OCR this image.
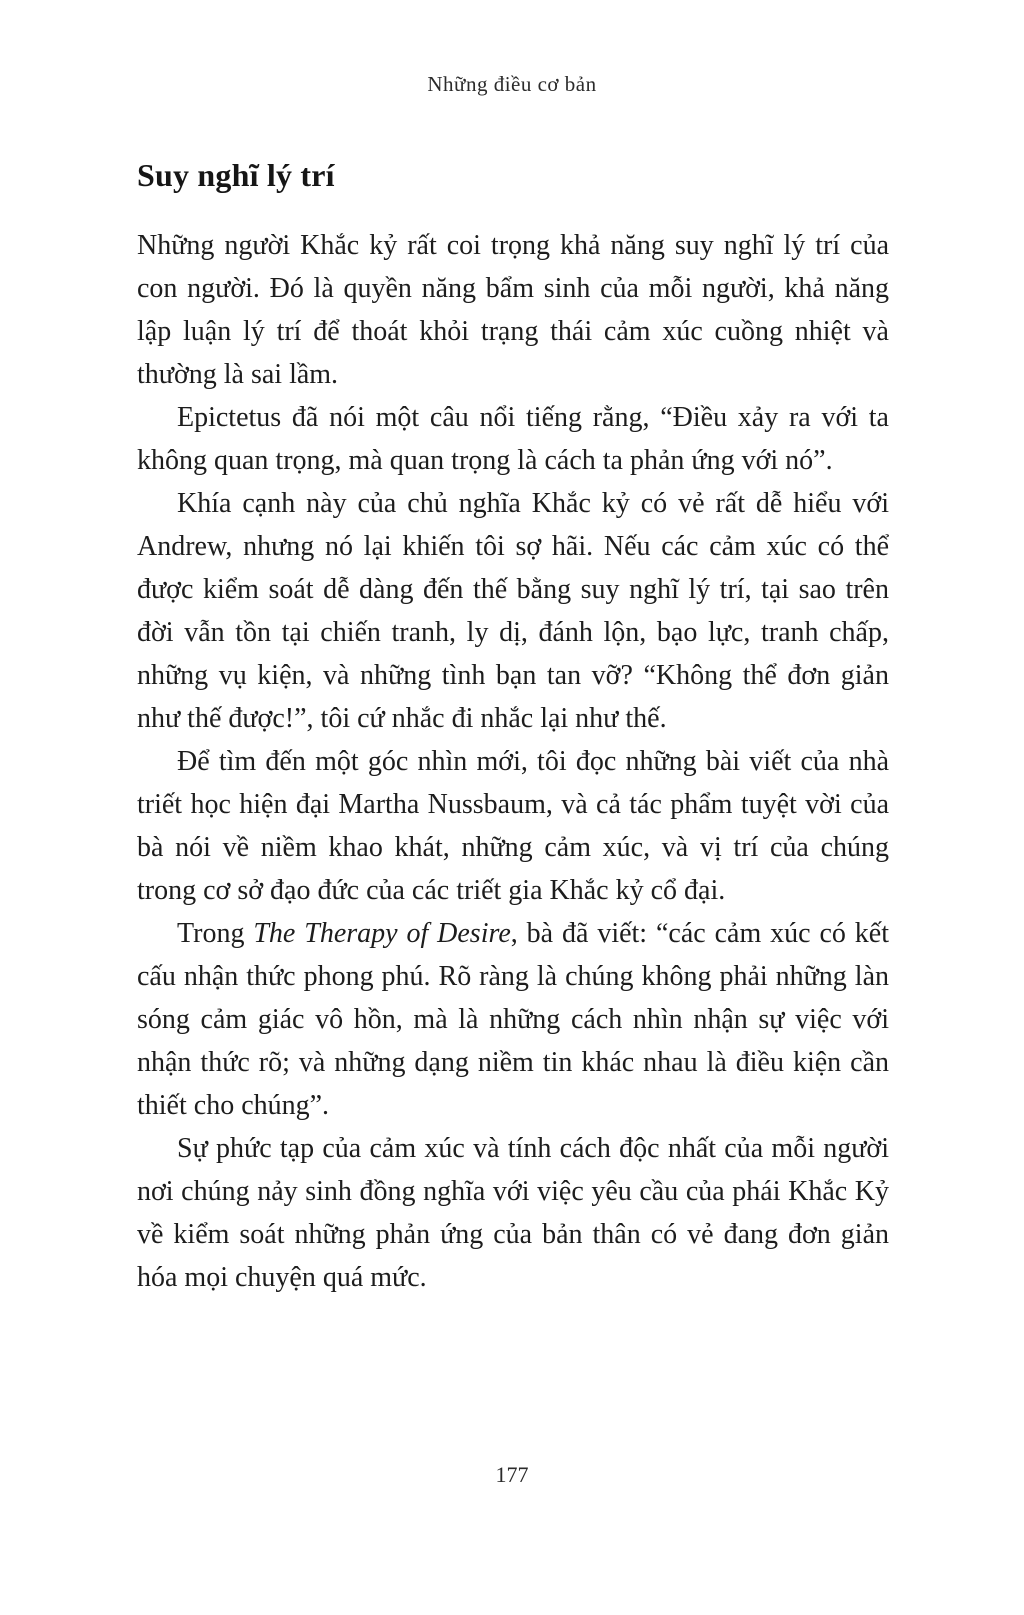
Những điều cơ bản
Suy nghĩ lý trí

Những người Khắc kỷ rất coi trọng khả năng suy nghĩ lý trí của con người. Đó là quyền năng bẩm sinh của mỗi người, khả năng lập luận lý trí để thoát khỏi trạng thái cảm xúc cuồng nhiệt và thường là sai lầm.

Epictetus đã nói một câu nổi tiếng rằng, “Điều xảy ra với ta không quan trọng, mà quan trọng là cách ta phản ứng với nó”.

Khía cạnh này của chủ nghĩa Khắc kỷ có vẻ rất dễ hiểu với Andrew, nhưng nó lại khiến tôi sợ hãi. Nếu các cảm xúc có thể được kiểm soát dễ dàng đến thế bằng suy nghĩ lý trí, tại sao trên đời vẫn tồn tại chiến tranh, ly dị, đánh lộn, bạo lực, tranh chấp, những vụ kiện, và những tình bạn tan vỡ? “Không thể đơn giản như thế được!”, tôi cứ nhắc đi nhắc lại như thế.

Để tìm đến một góc nhìn mới, tôi đọc những bài viết của nhà triết học hiện đại Martha Nussbaum, và cả tác phẩm tuyệt vời của bà nói về niềm khao khát, những cảm xúc, và vị trí của chúng trong cơ sở đạo đức của các triết gia Khắc kỷ cổ đại.

Trong The Therapy of Desire, bà đã viết: “các cảm xúc có kết cấu nhận thức phong phú. Rõ ràng là chúng không phải những làn sóng cảm giác vô hồn, mà là những cách nhìn nhận sự việc với nhận thức rõ; và những dạng niềm tin khác nhau là điều kiện cần thiết cho chúng”.

Sự phức tạp của cảm xúc và tính cách độc nhất của mỗi người nơi chúng nảy sinh đồng nghĩa với việc yêu cầu của phái Khắc Kỷ về kiểm soát những phản ứng của bản thân có vẻ đang đơn giản hóa mọi chuyện quá mức.

177
